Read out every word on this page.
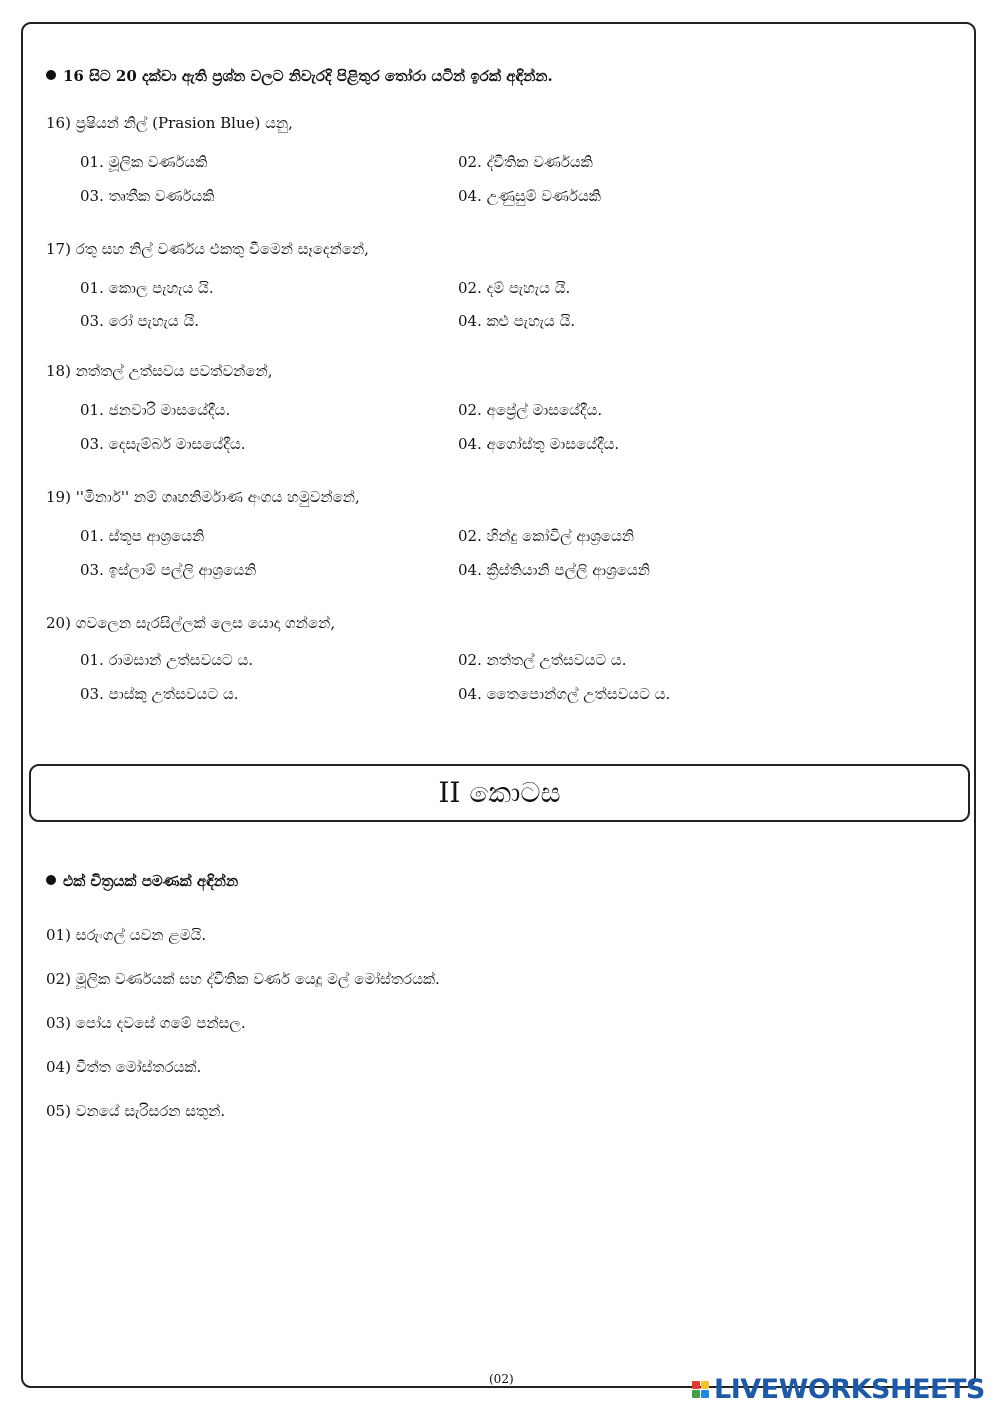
16 සිට 20 දක්වා ඇති ප්‍රශ්න වලට නිවැරදි පිළිතුර තෝරා යටින් ඉරක් අඳින්න.
16) ප්‍රෂියන් නිල් (Prasion Blue) යනු,
01. මූලික වර්ණයකි	02. ද්වීතික වර්ණයකි
03. තෘතීක වර්ණයකි	04. උණුසුම් වර්ණයකි
17) රතු සහ නිල් වර්ණය එකතු වීමෙන් සෑදෙන්නේ,
01. කොල පැහැය යි.	02. දම් පැහැය යි.
03. රෝ පැහැය යි.	04. කළු පැහැය යි.
18) නත්තල් උත්සවය පවත්වන්නේ,
01. ජනවාරි මාසයේදීය.	02. අප්‍රේල් මාසයේදීය.
03. දෙසැම්බර් මාසයේදීය.	04. අගෝස්තු මාසයේදීය.
19) ''මිනාර්'' නම් ගෘහනිර්මාණ අංගය හමුවන්නේ,
01. ස්තූප ආශ්‍රයෙනි	02. හින්දු කෝවිල් ආශ්‍රයෙනි
03. ඉස්ලාම් පල්ලි ආශ්‍රයෙනි	04. ක්‍රිස්තියානි පල්ලි ආශ්‍රයෙනි
20) ගවලෙන සැරසිල්ලක් ලෙස යොදා ගන්නේ,
01. රාමසාන් උත්සවයට ය.	02. නත්තල් උත්සවයට ය.
03. පාස්කු උත්සවයට ය.	04. තෛපොන්ගල් උත්සවයට ය.
II කොටස
එක් චිත්‍රයක් පමණක් අඳින්න
01) සරුංගල් යවන ළමයි.
02) මූලික වර්ණයක් සහ ද්වීතික වර්ණ යෙදූ මල් මෝස්තරයක්.
03) පෝය දවසේ ගමේ පන්සල.
04) වීත්ත මෝස්තරයක්.
05) වනයේ සැරිසරන සතුන්.
(02)	LIVEWORKSHEETS
